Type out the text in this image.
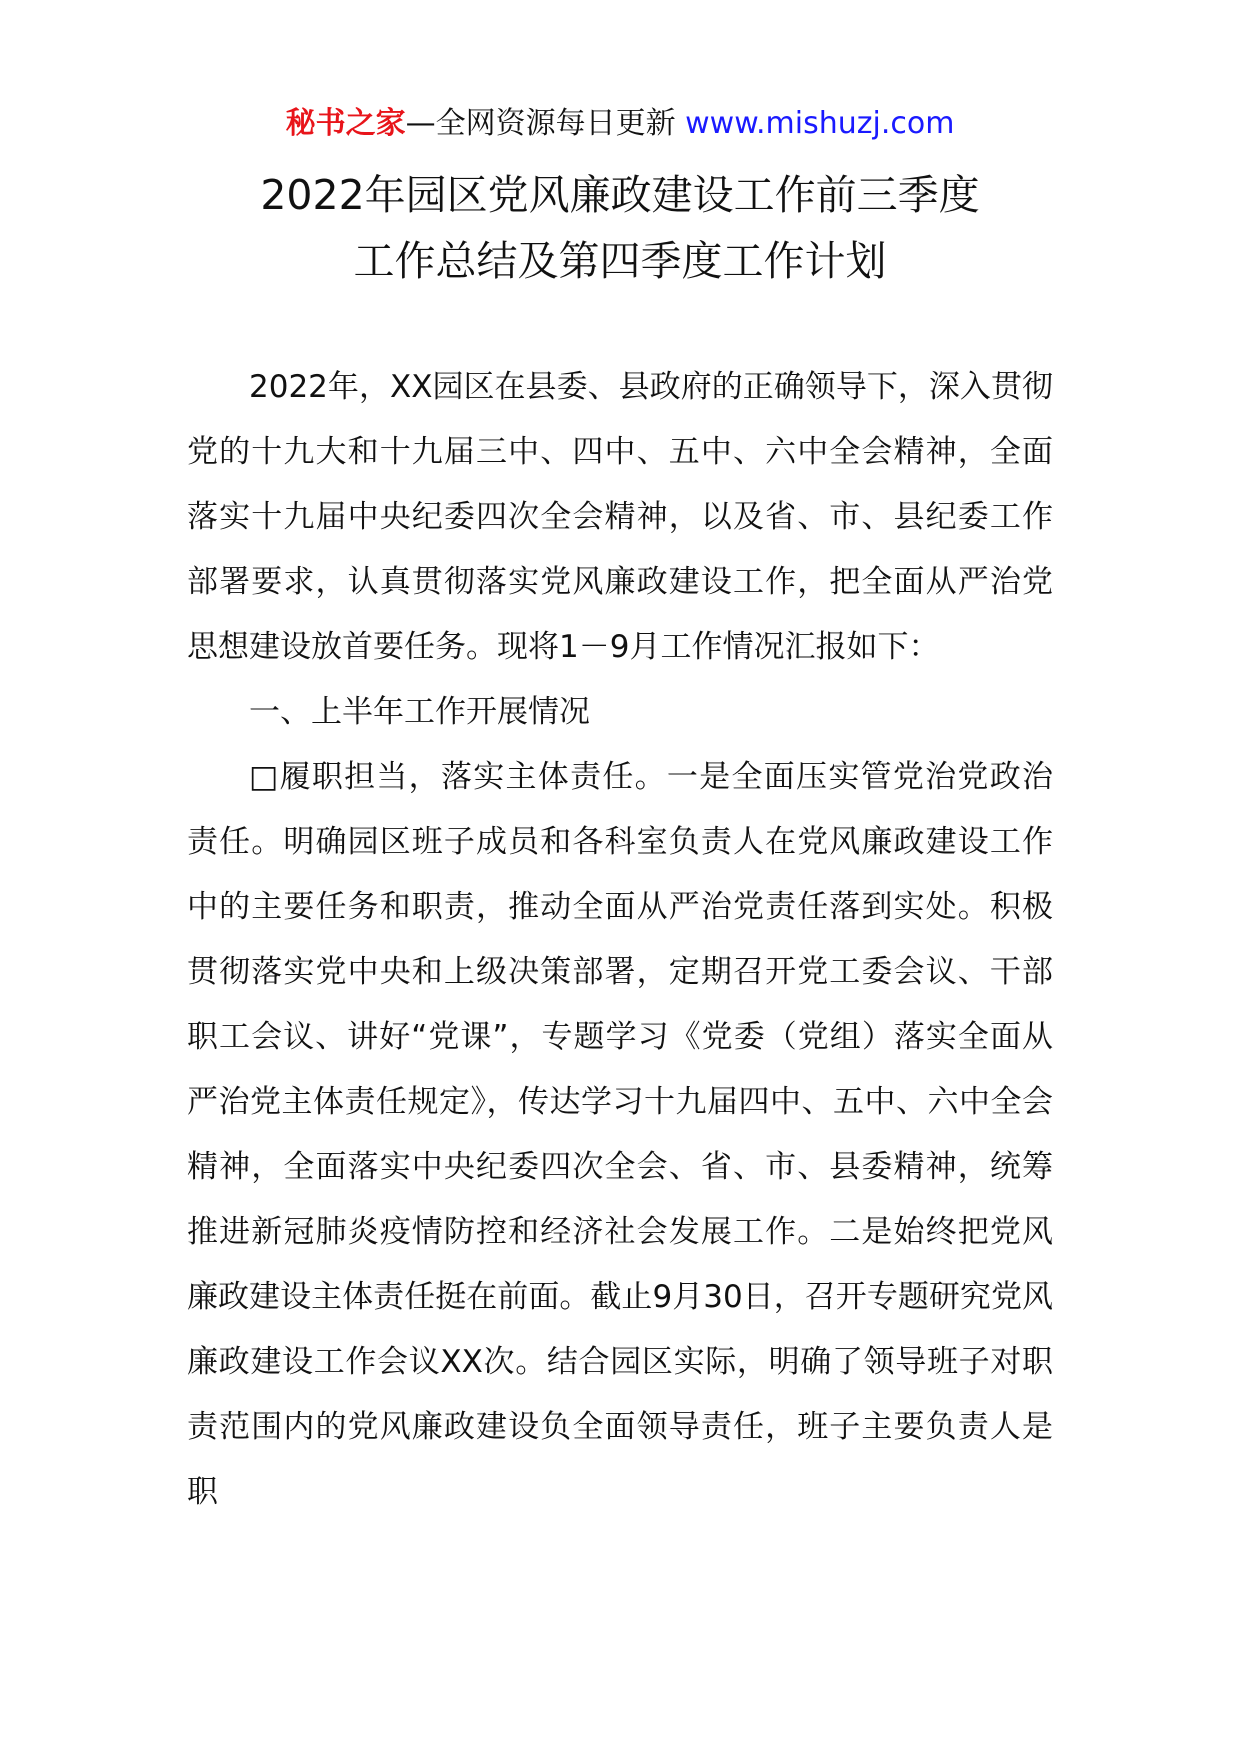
秘书之家—全网资源每日更新 www.mishuzj.com
2022年园区党风廉政建设工作前三季度
工作总结及第四季度工作计划

2022年，XX园区在县委、县政府的正确领导下，深入贯彻党的十九大和十九届三中、四中、五中、六中全会精神，全面落实十九届中央纪委四次全会精神，以及省、市、县纪委工作部署要求，认真贯彻落实党风廉政建设工作，把全面从严治党思想建设放首要任务。现将1－9月工作情况汇报如下：

一、上半年工作开展情况

□履职担当，落实主体责任。一是全面压实管党治党政治责任。明确园区班子成员和各科室负责人在党风廉政建设工作中的主要任务和职责，推动全面从严治党责任落到实处。积极贯彻落实党中央和上级决策部署，定期召开党工委会议、干部职工会议、讲好“党课”，专题学习《党委（党组）落实全面从严治党主体责任规定》，传达学习十九届四中、五中、六中全会精神，全面落实中央纪委四次全会、省、市、县委精神，统筹推进新冠肺炎疫情防控和经济社会发展工作。二是始终把党风廉政建设主体责任挺在前面。截止9月30日，召开专题研究党风廉政建设工作会议XX次。结合园区实际，明确了领导班子对职责范围内的党风廉政建设负全面领导责任，班子主要负责人是职
